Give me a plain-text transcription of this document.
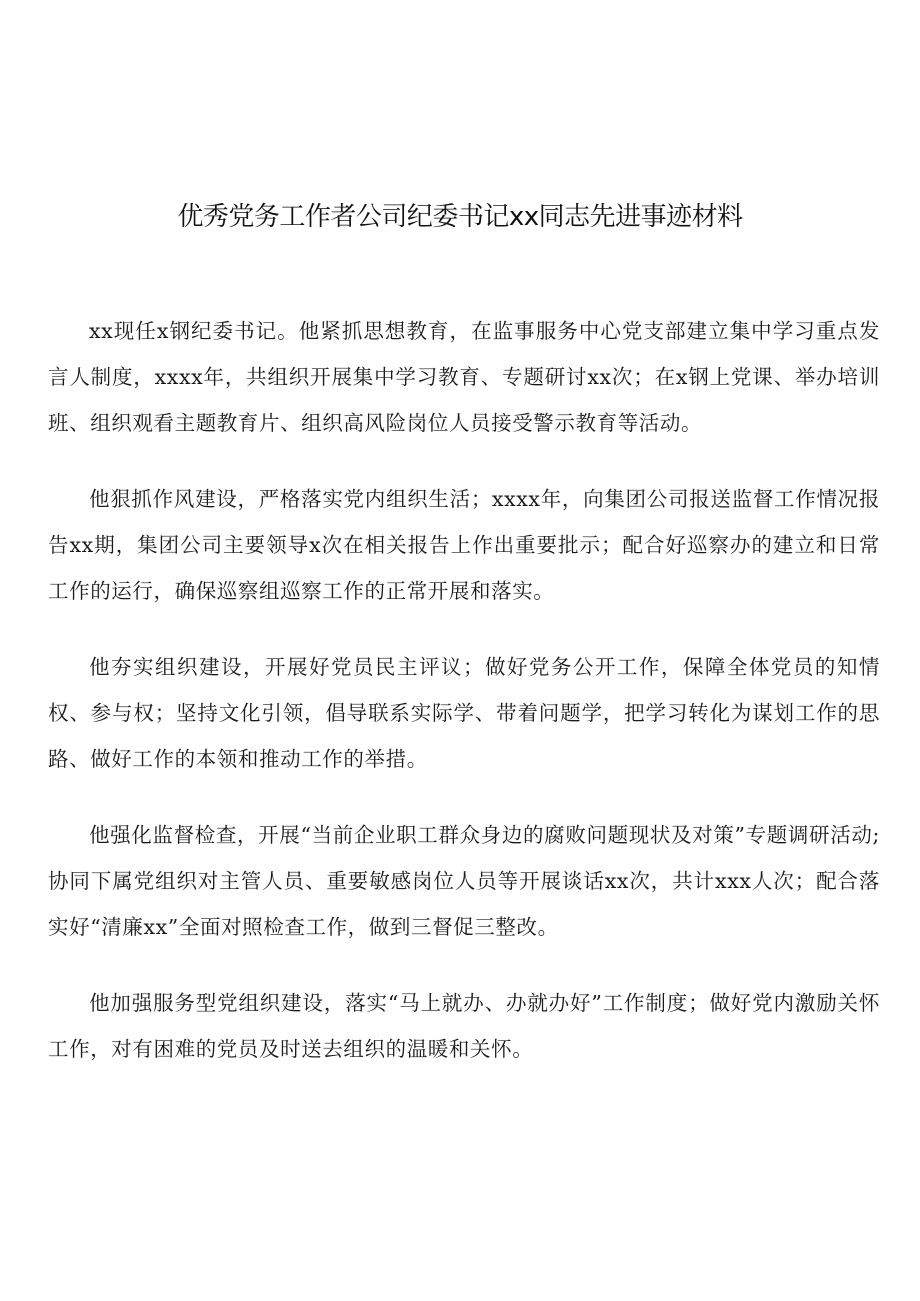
优秀党务工作者公司纪委书记xx同志先进事迹材料

xx现任x钢纪委书记。他紧抓思想教育，在监事服务中心党支部建立集中学习重点发言人制度，xxxx年，共组织开展集中学习教育、专题研讨xx次；在x钢上党课、举办培训班、组织观看主题教育片、组织高风险岗位人员接受警示教育等活动。

他狠抓作风建设，严格落实党内组织生活；xxxx年，向集团公司报送监督工作情况报告xx期，集团公司主要领导x次在相关报告上作出重要批示；配合好巡察办的建立和日常工作的运行，确保巡察组巡察工作的正常开展和落实。

他夯实组织建设，开展好党员民主评议；做好党务公开工作，保障全体党员的知情权、参与权；坚持文化引领，倡导联系实际学、带着问题学，把学习转化为谋划工作的思路、做好工作的本领和推动工作的举措。

他强化监督检查，开展“当前企业职工群众身边的腐败问题现状及对策”专题调研活动;协同下属党组织对主管人员、重要敏感岗位人员等开展谈话xx次，共计xxx人次；配合落实好“清廉xx”全面对照检查工作，做到三督促三整改。

他加强服务型党组织建设，落实“马上就办、办就办好”工作制度；做好党内激励关怀工作，对有困难的党员及时送去组织的温暖和关怀。
